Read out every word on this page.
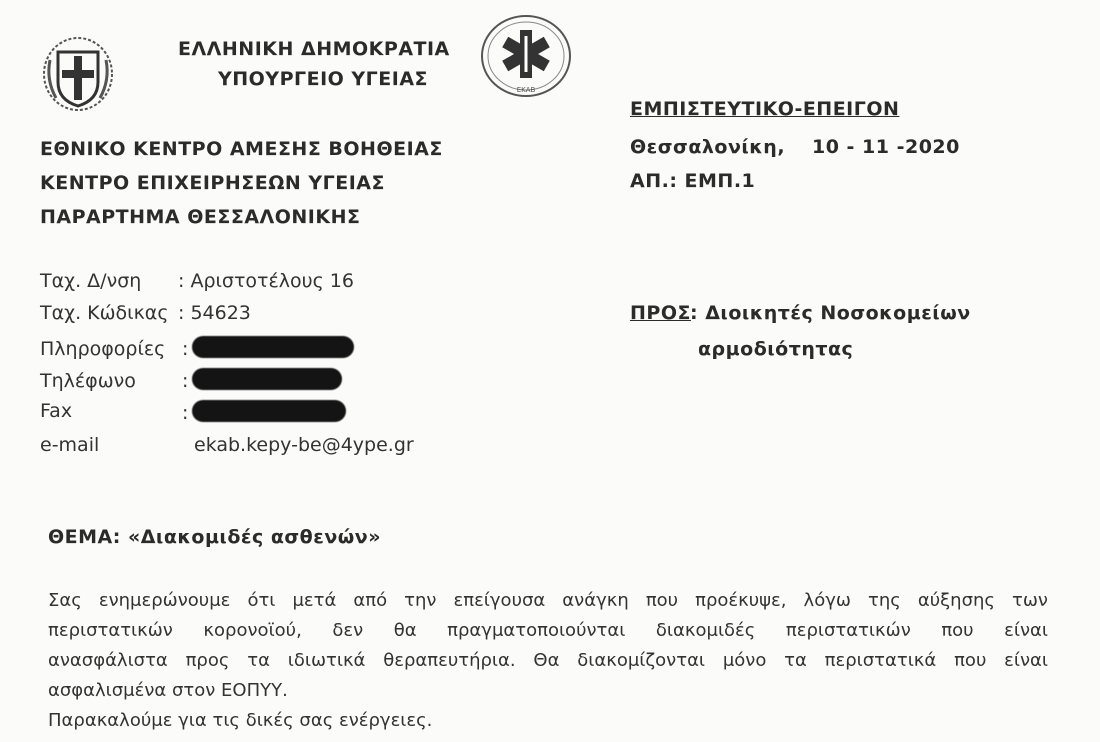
ΕΛΛΗΝΙΚΗ ΔΗΜΟΚΡΑΤΙΑ
ΥΠΟΥΡΓΕΙΟ ΥΓΕΙΑΣ	ΕΚΑΒ
ΕΘΝΙΚΟ ΚΕΝΤΡΟ ΑΜΕΣΗΣ ΒΟΗΘΕΙΑΣ
ΚΕΝΤΡΟ ΕΠΙΧΕΙΡΗΣΕΩΝ ΥΓΕΙΑΣ
ΠΑΡΑΡΤΗΜΑ ΘΕΣΣΑΛΟΝΙΚΗΣ
ΕΜΠΙΣΤΕΥΤΙΚΟ-ΕΠΕΙΓΟΝ
Θεσσαλονίκη, 10 - 11 -2020
ΑΠ.: ΕΜΠ.1
Ταχ. Δ/νση : Αριστοτέλους 16
Ταχ. Κώδικας : 54623
Πληροφορίες :
Τηλέφωνο :
Fax	:
e-mail	ekab.kepy-be@4ype.gr
ΠΡΟΣ : Διοικητές Νοσοκομείων
αρμοδιότητας
ΘΕΜΑ: «Διακομιδές ασθενών»
Σας ενημερώνουμε ότι μετά από την επείγουσα ανάγκη που προέκυψε, λόγω της αύξησης των
περιστατικών κορονοϊού, δεν θα πραγματοποιούνται διακομιδές περιστατικών που είναι
ανασφάλιστα προς τα ιδιωτικά θεραπευτήρια. Θα διακομίζονται μόνο τα περιστατικά που είναι
ασφαλισμένα στον ΕΟΠΥΥ.
Παρακαλούμε για τις δικές σας ενέργειες.
